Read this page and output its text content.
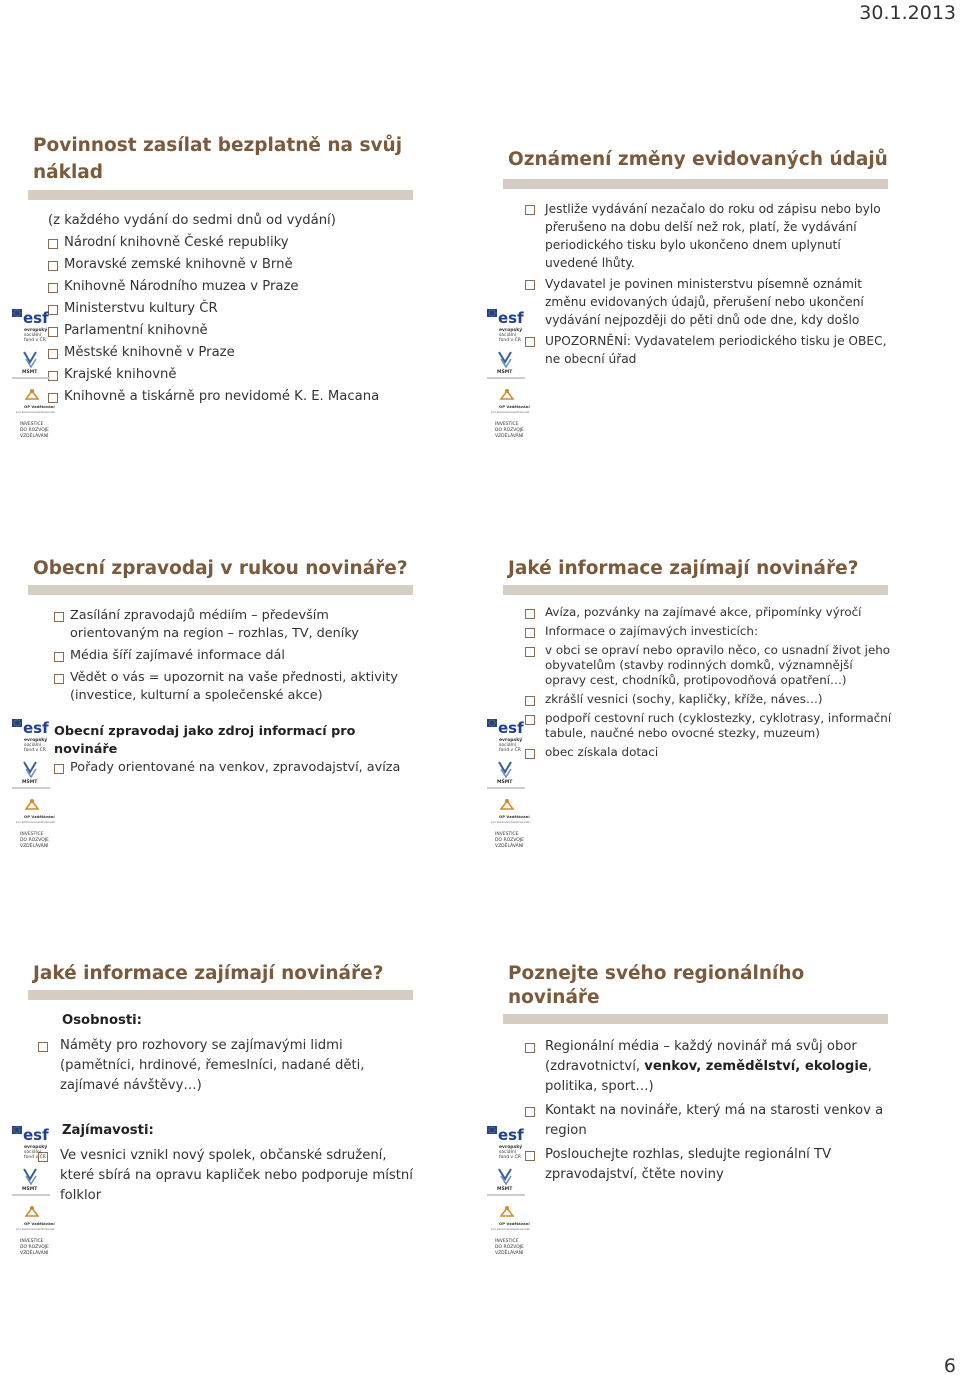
30.1.2013
Povinnost zasílat bezplatně na svůj
náklad
(z každého vydání do sedmi dnů od vydání)
Národní knihovně České republiky
Moravské zemské knihovně v Brně
Knihovně Národního muzea v Praze
Ministerstvu kultury ČR
Parlamentní knihovně
Městské knihovně v Praze
Krajské knihovně
Knihovně a tiskárně pro nevidomé K. E. Macana
esf
evropský
sociální
fond v ČR
MŠMT
OP Vzdělávání
pro konkurenceschopnost
INVESTICE
DO ROZVOJE
VZDĚLÁVÁNÍ
Oznámení změny evidovaných údajů
Jestliže vydávání nezačalo do roku od zápisu nebo bylo přerušeno na dobu delší než rok, platí, že vydávání periodického tisku bylo ukončeno dnem uplynutí uvedené lhůty.
Vydavatel je povinen ministerstvu písemně oznámit změnu evidovaných údajů, přerušení nebo ukončení vydávání nejpozději do pěti dnů ode dne, kdy došlo
UPOZORNĚNÍ: Vydavatelem periodického tisku je OBEC, ne obecní úřad
esf
evropský
sociální
fond v ČR
MŠMT
OP Vzdělávání
pro konkurenceschopnost
INVESTICE
DO ROZVOJE
VZDĚLÁVÁNÍ
Obecní zpravodaj v rukou novináře?
Zasílání zpravodajů médiím – především orientovaným na region – rozhlas, TV, deníky
Média šíří zajímavé informace dál
Vědět o vás = upozornit na vaše přednosti, aktivity (investice, kulturní a společenské akce)
Obecní zpravodaj jako zdroj informací pro novináře
Pořady orientované na venkov, zpravodajství, avíza
esf
evropský
sociální
fond v ČR
MŠMT
OP Vzdělávání
pro konkurenceschopnost
INVESTICE
DO ROZVOJE
VZDĚLÁVÁNÍ
Jaké informace zajímají novináře?
Avíza, pozvánky na zajímavé akce, připomínky výročí
Informace o zajímavých investicích:
v obci se opraví nebo opravilo něco, co usnadní život jeho obyvatelům (stavby rodinných domků, významnější opravy cest, chodníků, protipovodňová opatření…)
zkrášlí vesnici (sochy, kapličky, kříže, náves…)
podpoří cestovní ruch (cyklostezky, cyklotrasy, informační tabule, naučné nebo ovocné stezky, muzeum)
obec získala dotaci
esf
evropský
sociální
fond v ČR
MŠMT
OP Vzdělávání
pro konkurenceschopnost
INVESTICE
DO ROZVOJE
VZDĚLÁVÁNÍ
Jaké informace zajímají novináře?
Osobnosti:
Náměty pro rozhovory se zajímavými lidmi (pamětníci, hrdinové, řemeslníci, nadané děti, zajímavé návštěvy…)
Zajímavosti:
Ve vesnici vznikl nový spolek, občanské sdružení, které sbírá na opravu kapliček nebo podporuje místní folklor
esf
evropský
sociální
fond v ČR
MŠMT
OP Vzdělávání
pro konkurenceschopnost
INVESTICE
DO ROZVOJE
VZDĚLÁVÁNÍ
Poznejte svého regionálního novináře
Regionální média – každý novinář má svůj obor (zdravotnictví, venkov, zemědělství, ekologie, politika, sport…)
Kontakt na novináře, který má na starosti venkov a region
Poslouchejte rozhlas, sledujte regionální TV zpravodajství, čtěte noviny
esf
evropský
sociální
fond v ČR
MŠMT
OP Vzdělávání
pro konkurenceschopnost
INVESTICE
DO ROZVOJE
VZDĚLÁVÁNÍ
6
